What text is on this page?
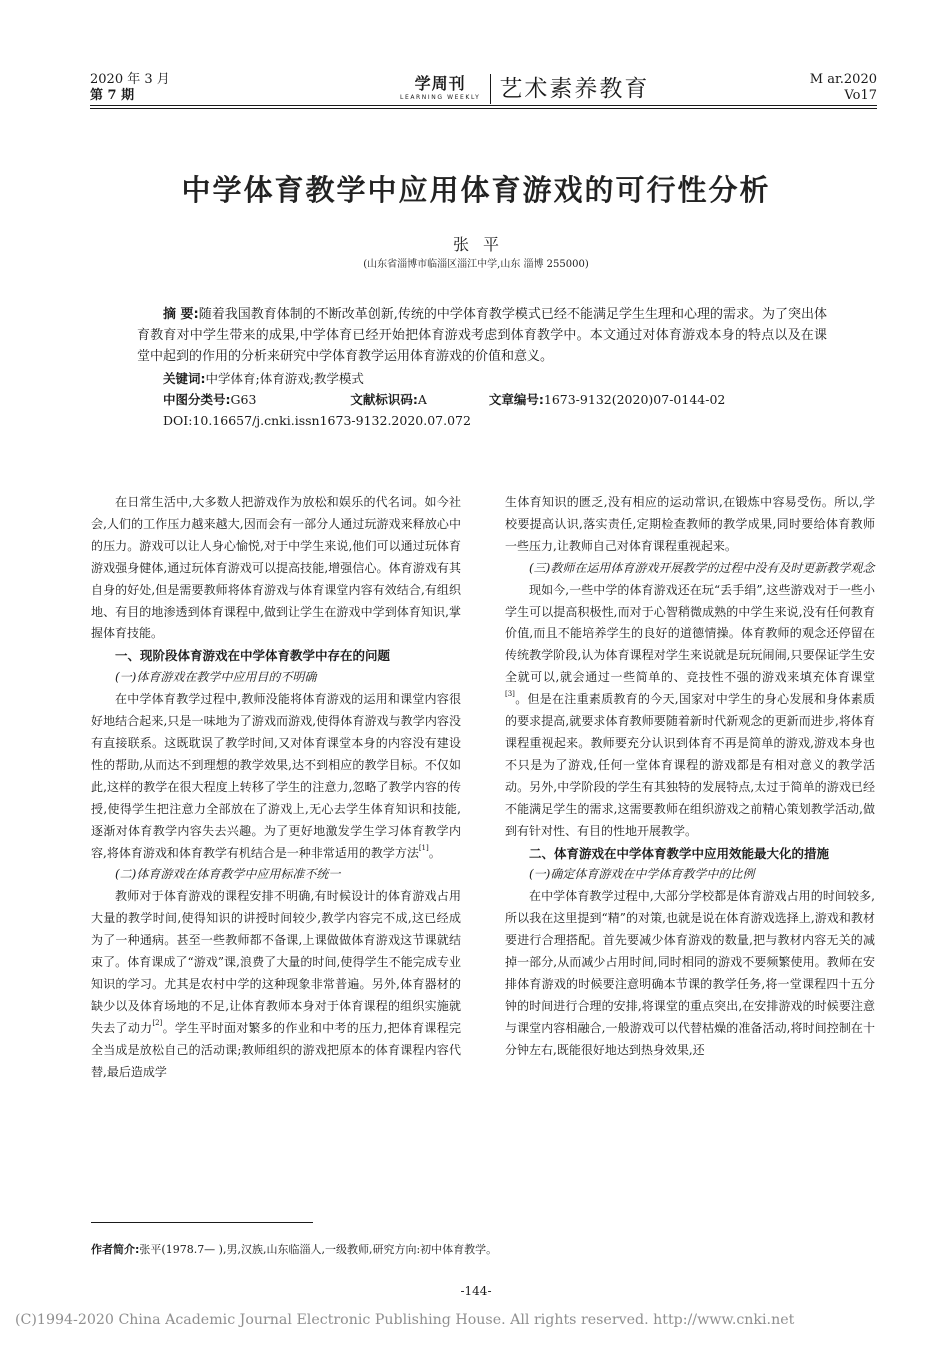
2020 年 3 月
第 7 期
学周刊
LEARNING WEEKLY 艺术素养教育	M ar.2020
Vo17
中学体育教学中应用体育游戏的可行性分析
张平
(山东省淄博市临淄区淄江中学,山东 淄博 255000)

摘 要:随着我国教育体制的不断改革创新,传统的中学体育教学模式已经不能满足学生生理和心理的需求。为了突出体育教育对中学生带来的成果,中学体育已经开始把体育游戏考虑到体育教学中。本文通过对体育游戏本身的特点以及在课堂中起到的作用的分析来研究中学体育教学运用体育游戏的价值和意义。

关键词:中学体育;体育游戏;教学模式
中图分类号:G63	文献标识码:A	文章编号:1673-9132(2020)07-0144-02
DOI:10.16657/j.cnki.issn1673-9132.2020.07.072

在日常生活中,大多数人把游戏作为放松和娱乐的代名词。如今社会,人们的工作压力越来越大,因而会有一部分人通过玩游戏来释放心中的压力。游戏可以让人身心愉悦,对于中学生来说,他们可以通过玩体育游戏强身健体,通过玩体育游戏可以提高技能,增强信心。体育游戏有其自身的好处,但是需要教师将体育游戏与体育课堂内容有效结合,有组织地、有目的地渗透到体育课程中,做到让学生在游戏中学到体育知识,掌握体育技能。

一、现阶段体育游戏在中学体育教学中存在的问题
(一)体育游戏在教学中应用目的不明确

在中学体育教学过程中,教师没能将体育游戏的运用和课堂内容很好地结合起来,只是一味地为了游戏而游戏,使得体育游戏与教学内容没有直接联系。这既耽误了教学时间,又对体育课堂本身的内容没有建设性的帮助,从而达不到理想的教学效果,达不到相应的教学目标。不仅如此,这样的教学在很大程度上转移了学生的注意力,忽略了教学内容的传授,使得学生把注意力全部放在了游戏上,无心去学生体育知识和技能,逐渐对体育教学内容失去兴趣。为了更好地激发学生学习体育教学内容,将体育游戏和体育教学有机结合是一种非常适用的教学方法[1]。

(二)体育游戏在体育教学中应用标准不统一

教师对于体育游戏的课程安排不明确,有时候设计的体育游戏占用大量的教学时间,使得知识的讲授时间较少,教学内容完不成,这已经成为了一种通病。甚至一些教师都不备课,上课做做体育游戏这节课就结束了。体育课成了“游戏”课,浪费了大量的时间,使得学生不能完成专业知识的学习。尤其是农村中学的这种现象非常普遍。另外,体育器材的缺少以及体育场地的不足,让体育教师本身对于体育课程的组织实施就失去了动力[2]。学生平时面对繁多的作业和中考的压力,把体育课程完全当成是放松自己的活动课;教师组织的游戏把原本的体育课程内容代替,最后造成学

生体育知识的匮乏,没有相应的运动常识,在锻炼中容易受伤。所以,学校要提高认识,落实责任,定期检查教师的教学成果,同时要给体育教师一些压力,让教师自己对体育课程重视起来。

(三)教师在运用体育游戏开展教学的过程中没有及时更新教学观念

现如今,一些中学的体育游戏还在玩“丢手绢”,这些游戏对于一些小学生可以提高积极性,而对于心智稍微成熟的中学生来说,没有任何教育价值,而且不能培养学生的良好的道德情操。体育教师的观念还停留在传统教学阶段,认为体育课程对学生来说就是玩玩闹闹,只要保证学生安全就可以,就会通过一些简单的、竞技性不强的游戏来填充体育课堂[3]。但是在注重素质教育的今天,国家对中学生的身心发展和身体素质的要求提高,就要求体育教师要随着新时代新观念的更新而进步,将体育课程重视起来。教师要充分认识到体育不再是简单的游戏,游戏本身也不只是为了游戏,任何一堂体育课程的游戏都是有相对意义的教学活动。另外,中学阶段的学生有其独特的发展特点,太过于简单的游戏已经不能满足学生的需求,这需要教师在组织游戏之前精心策划教学活动,做到有针对性、有目的性地开展教学。

二、体育游戏在中学体育教学中应用效能最大化的措施
(一)确定体育游戏在中学体育教学中的比例

在中学体育教学过程中,大部分学校都是体育游戏占用的时间较多,所以我在这里提到“精”的对策,也就是说在体育游戏选择上,游戏和教材要进行合理搭配。首先要减少体育游戏的数量,把与教材内容无关的减掉一部分,从而减少占用时间,同时相同的游戏不要频繁使用。教师在安排体育游戏的时候要注意明确本节课的教学任务,将一堂课程四十五分钟的时间进行合理的安排,将课堂的重点突出,在安排游戏的时候要注意与课堂内容相融合,一般游戏可以代替枯燥的准备活动,将时间控制在十分钟左右,既能很好地达到热身效果,还

作者简介:张平(1978.7— ),男,汉族,山东临淄人,一级教师,研究方向:初中体育教学。
-144-
(C)1994-2020 China Academic Journal Electronic Publishing House. All rights reserved. http://www.cnki.net
